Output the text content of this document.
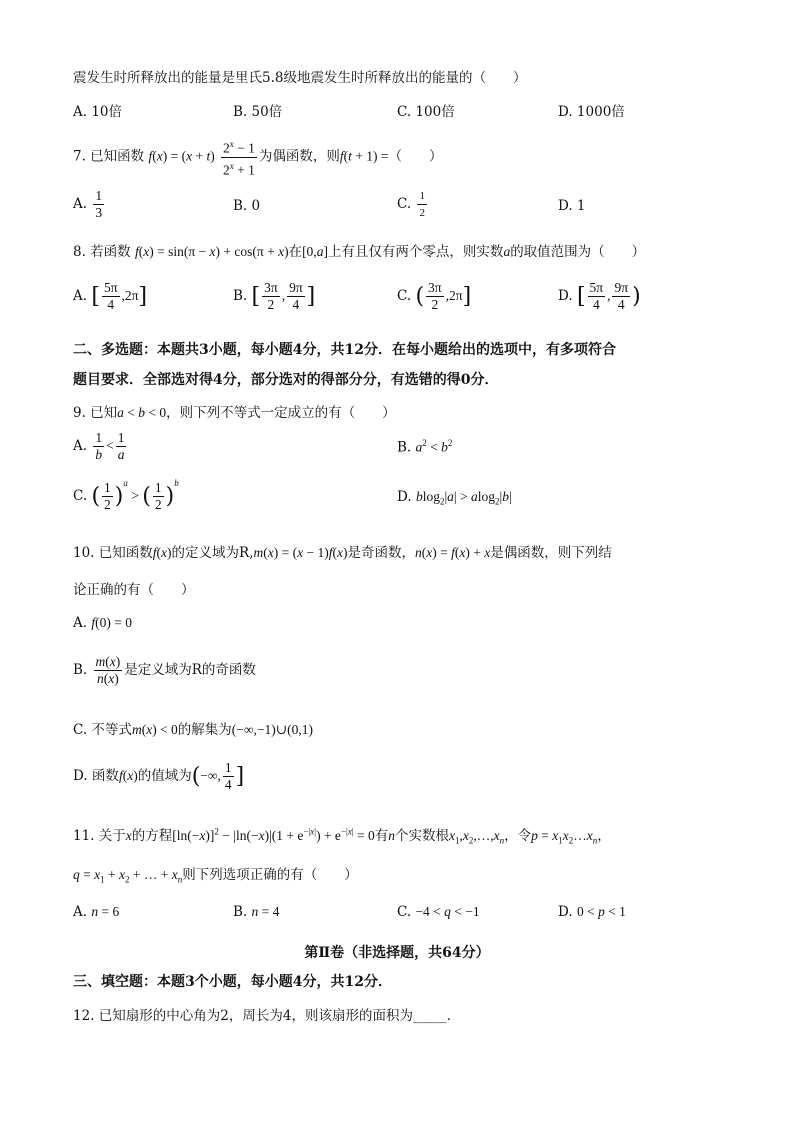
震发生时所释放出的能量是里氏5.8级地震发生时所释放出的能量的（　　）
A. 10倍	B. 50倍	C. 100倍	D. 1000倍
7. 已知函数 $f(x) = (x + t) \frac{2^x - 1}{2^x + 1}$ 为偶函数，则f(t + 1) =（　　）
A. $\frac{1}{3}$	B. 0	C. $\frac{1}{2}$	D. 1
8. 若函数 f(x) = sin(π − x) + cos(π + x)在[0,a]上有且仅有两个零点，则实数a的取值范围为（　　）
A. [ $\frac{5\pi}{4} ,2\pi$]	B. [ $\frac{3\pi}{2}$ , $\frac{9\pi}{4}$ ]	C. ( $\frac{3\pi}{2} ,2\pi$]	D. [ $\frac{5\pi}{4}$ , $\frac{9\pi}{4}$ )
二、多选题：本题共3小题，每小题4分，共12分．在每小题给出的选项中，有多项符合
题目要求．全部选对得4分，部分选对的得部分分，有选错的得0分．
9. 已知a < b < 0，则下列不等式一定成立的有（　　）
A. $\frac{1}{b} < \frac{1}{a}$	B. $a^2 < b^2$
C. ( $\frac{1}{2} )^a$ > ( $\frac{1}{2} )^b$
D. blog$_2$|a| > alog$_2$|b|
10. 已知函数f(x)的定义域为R,m(x) = (x − 1)f(x)是奇函数，n(x) = f(x) + x是偶函数，则下列结
论正确的有（　　）
A. f(0) = 0
B. $\frac{m(x)}{n(x)}$ 是定义域为R的奇函数
C. 不等式m(x) < 0的解集为(−∞,−1)∪(0,1)
D. 函数f(x)的值域为(−∞, $\frac{1}{4}$ ]
11. 关于x的方程$[\ln(-x)]^2 - |\ln(-x)|(1 + e^{-|x|}) + e^{-|x|} = 0$有n个实数根$x_1,x_2,\dots,x_n$，令$p = x_1x_2\dots x_n$，
$q = x_1 + x_2$ + … + $x_n$则下列选项正确的有（　　）
A. n = 6	B. n = 4	C. −4 < q < −1	D. 0 < p < 1
第Ⅱ卷（非选择题，共64分）
三、填空题：本题3个小题，每小题4分，共12分．
12. 已知扇形的中心角为2，周长为4，则该扇形的面积为_____．
